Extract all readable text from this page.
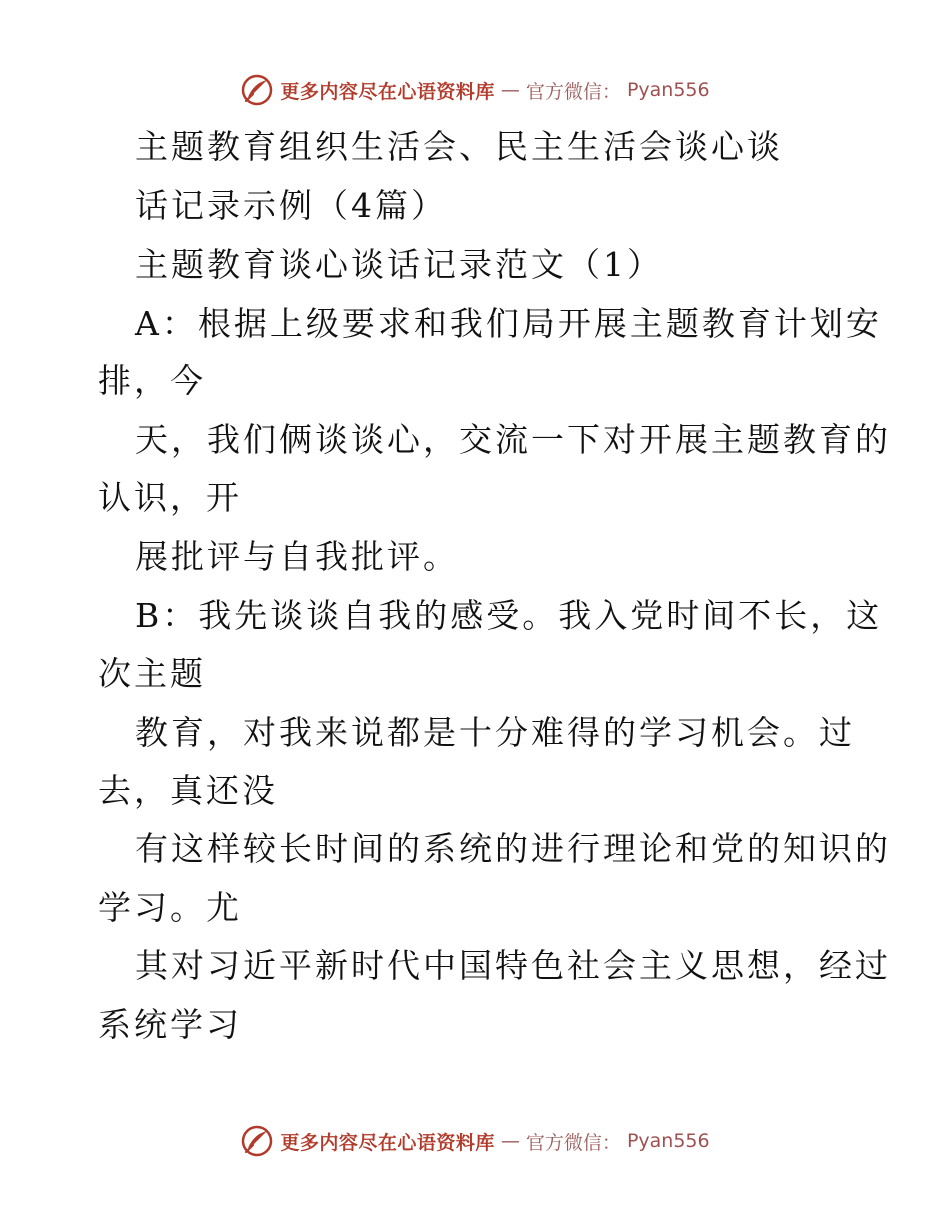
更多内容尽在心语资料库 — 官方微信： Pyan556
主题教育组织生活会、民主生活会谈心谈
话记录示例（4篇）
主题教育谈心谈话记录范文（1）
A：根据上级要求和我们局开展主题教育计划安
排，今
天，我们俩谈谈心，交流一下对开展主题教育的
认识，开
展批评与自我批评。
B：我先谈谈自我的感受。我入党时间不长，这
次主题
教育，对我来说都是十分难得的学习机会。过
去，真还没
有这样较长时间的系统的进行理论和党的知识的
学习。尤
其对习近平新时代中国特色社会主义思想，经过
系统学习
更多内容尽在心语资料库 — 官方微信： Pyan556
